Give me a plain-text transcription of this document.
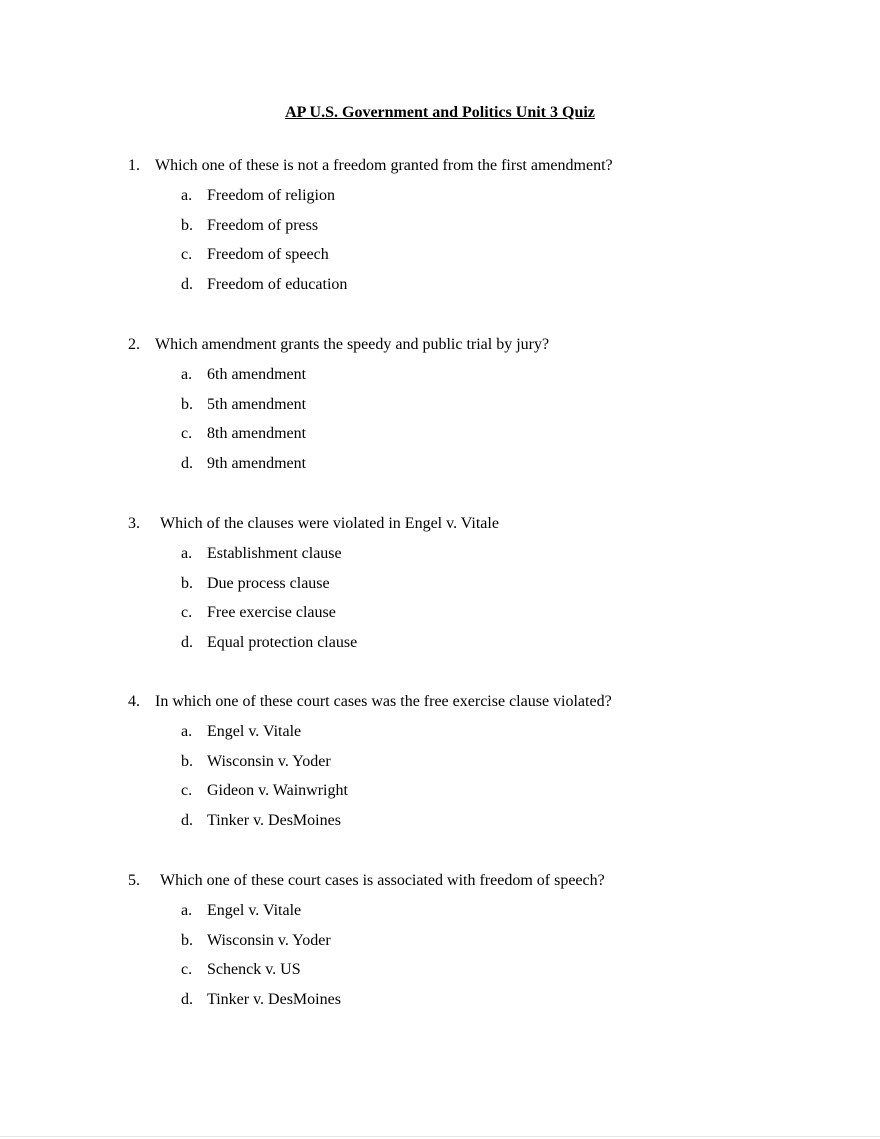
AP U.S. Government and Politics Unit 3 Quiz
1. Which one of these is not a freedom granted from the first amendment?
a. Freedom of religion
b. Freedom of press
c. Freedom of speech
d. Freedom of education
2. Which amendment grants the speedy and public trial by jury?
a. 6th amendment
b. 5th amendment
c. 8th amendment
d. 9th amendment
3. Which of the clauses were violated in Engel v. Vitale
a. Establishment clause
b. Due process clause
c. Free exercise clause
d. Equal protection clause
4. In which one of these court cases was the free exercise clause violated?
a. Engel v. Vitale
b. Wisconsin v. Yoder
c. Gideon v. Wainwright
d. Tinker v. DesMoines
5. Which one of these court cases is associated with freedom of speech?
a. Engel v. Vitale
b. Wisconsin v. Yoder
c. Schenck v. US
d. Tinker v. DesMoines
